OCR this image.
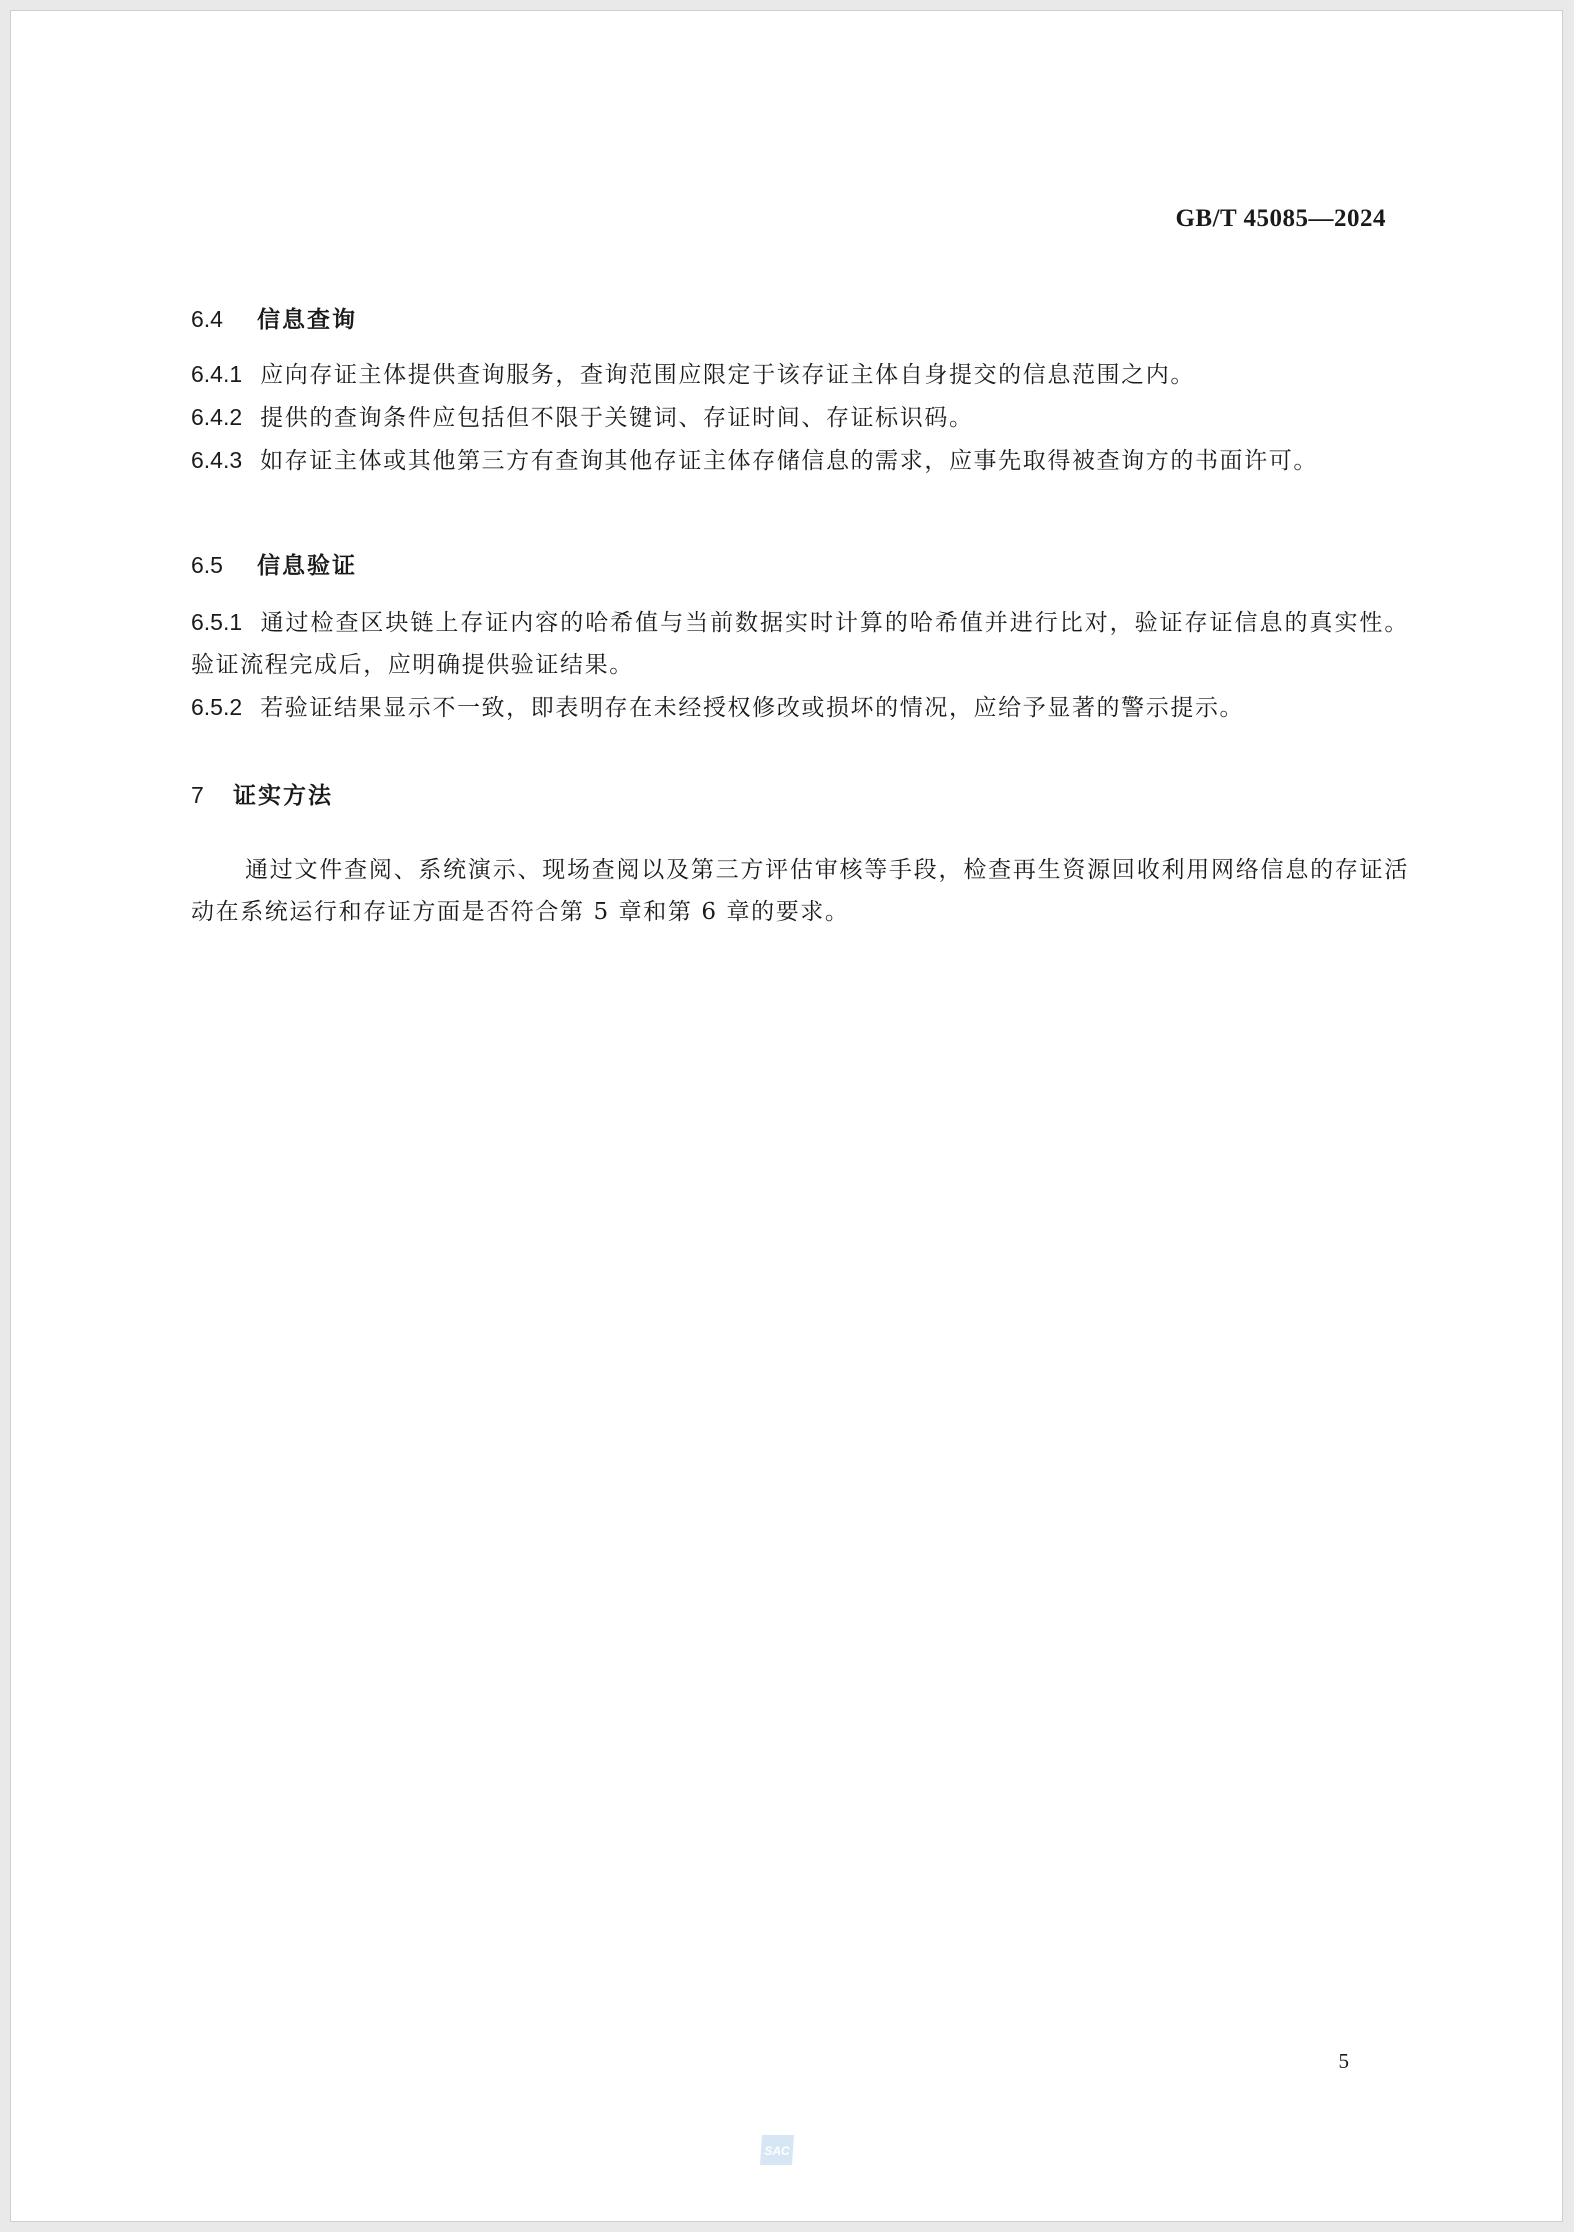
GB/T 45085—2024
6.4 信息查询
6.4.1 应向存证主体提供查询服务，查询范围应限定于该存证主体自身提交的信息范围之内。
6.4.2 提供的查询条件应包括但不限于关键词、存证时间、存证标识码。
6.4.3 如存证主体或其他第三方有查询其他存证主体存储信息的需求，应事先取得被查询方的书面许可。
6.5 信息验证
6.5.1 通过检查区块链上存证内容的哈希值与当前数据实时计算的哈希值并进行比对，验证存证信息的真实性。验证流程完成后，应明确提供验证结果。
6.5.2 若验证结果显示不一致，即表明存在未经授权修改或损坏的情况，应给予显著的警示提示。
7 证实方法
通过文件查阅、系统演示、现场查阅以及第三方评估审核等手段，检查再生资源回收利用网络信息的存证活动在系统运行和存证方面是否符合第 5 章和第 6 章的要求。
5
SAC
